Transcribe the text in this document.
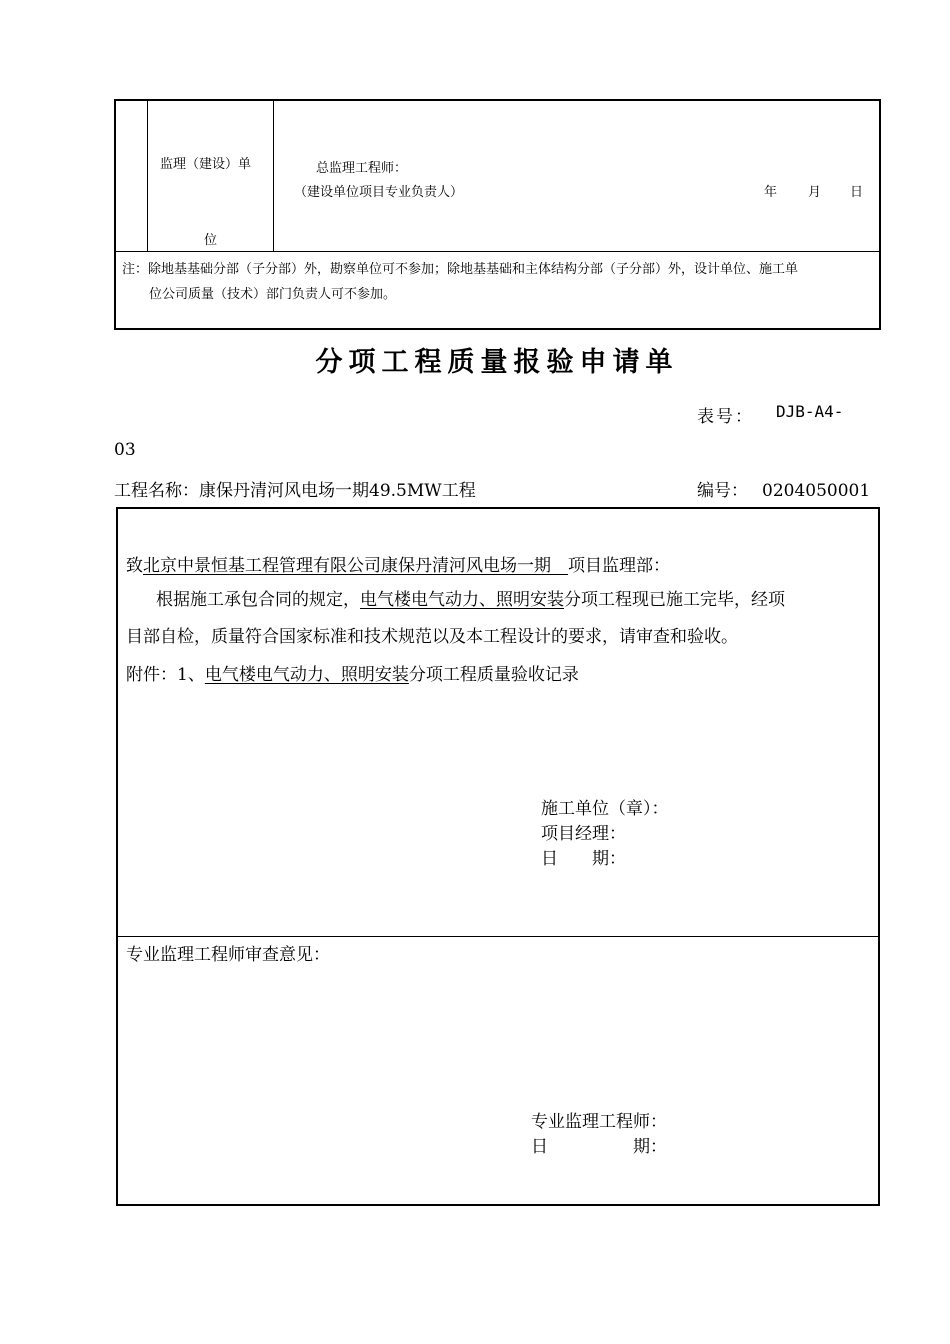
监理（建设）单
位
总监理工程师：
（建设单位项目专业负责人）	年 月 日
注：除地基基础分部（子分部）外，勘察单位可不参加；除地基基础和主体结构分部（子分部）外，设计单位、施工单
位公司质量（技术）部门负责人可不参加。
分项工程质量报验申请单
表号： DJB-A4-
03
工程名称：康保丹清河风电场一期49.5MW工程	编号： 0204050001
致北京中景恒基工程管理有限公司康保丹清河风电场一期　 项目监理部：
根据施工承包合同的规定，电气楼电气动力、照明安装分项工程现已施工完毕，经项
目部自检，质量符合国家标准和技术规范以及本工程设计的要求，请审查和验收。
附件：1、电气楼电气动力、照明安装分项工程质量验收记录
施工单位（章）：
项目经理：
日　　期：
专业监理工程师审查意见：
专业监理工程师：
日　　　　　期：
